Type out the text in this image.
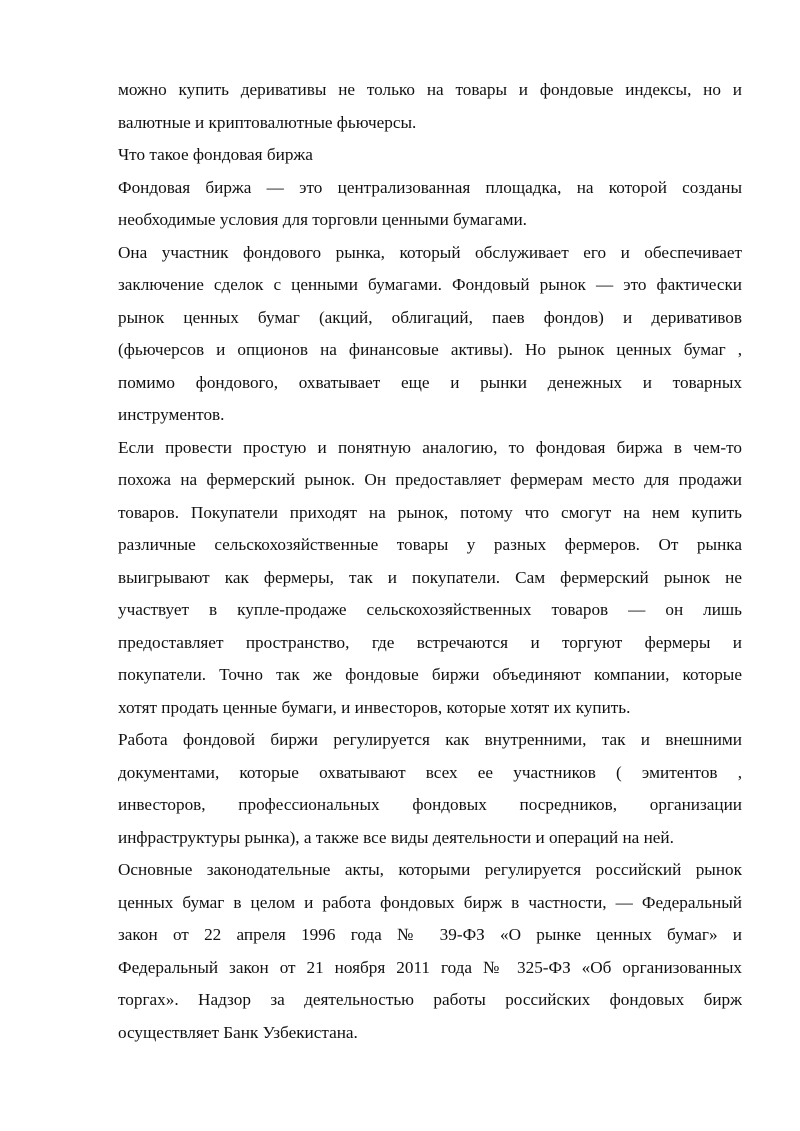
можно купить деривативы не только на товары и фондовые индексы, но и
валютные и криптовалютные фьючерсы.
Что такое фондовая биржа
Фондовая биржа — это централизованная площадка, на которой созданы
необходимые условия для торговли ценными бумагами.
Она участник фондового рынка, который обслуживает его и обеспечивает
заключение сделок с ценными бумагами. Фондовый рынок — это фактически
рынок ценных бумаг (акций, облигаций, паев фондов) и деривативов
(фьючерсов и опционов на финансовые активы). Но рынок ценных бумаг ,
помимо фондового, охватывает еще и рынки денежных и товарных
инструментов.
Если провести простую и понятную аналогию, то фондовая биржа в чем-то
похожа на фермерский рынок. Он предоставляет фермерам место для продажи
товаров. Покупатели приходят на рынок, потому что смогут на нем купить
различные сельскохозяйственные товары у разных фермеров. От рынка
выигрывают как фермеры, так и покупатели. Сам фермерский рынок не
участвует в купле-продаже сельскохозяйственных товаров — он лишь
предоставляет пространство, где встречаются и торгуют фермеры и
покупатели. Точно так же фондовые биржи объединяют компании, которые
хотят продать ценные бумаги, и инвесторов, которые хотят их купить.
Работа фондовой биржи регулируется как внутренними, так и внешними
документами, которые охватывают всех ее участников ( эмитентов ,
инвесторов, профессиональных фондовых посредников, организации
инфраструктуры рынка), а также все виды деятельности и операций на ней.
Основные законодательные акты, которыми регулируется российский рынок
ценных бумаг в целом и работа фондовых бирж в частности, — Федеральный
закон от 22 апреля 1996 года № 39-ФЗ «О рынке ценных бумаг» и
Федеральный закон от 21 ноября 2011 года № 325-ФЗ «Об организованных
торгах». Надзор за деятельностью работы российских фондовых бирж
осуществляет Банк Узбекистана.
